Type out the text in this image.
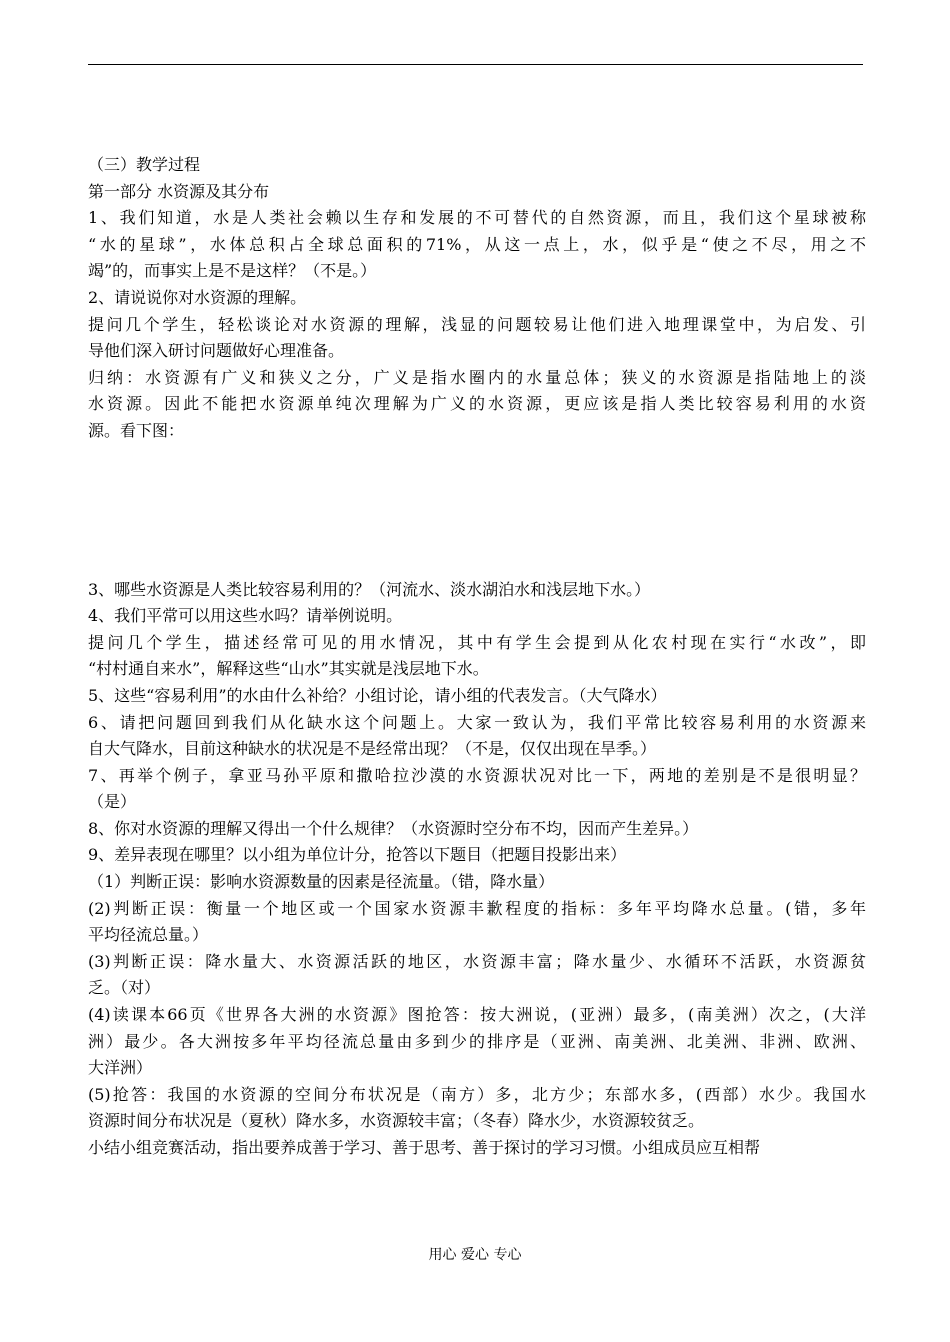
（三）教学过程
第一部分 水资源及其分布
1、我们知道，水是人类社会赖以生存和发展的不可替代的自然资源，而且，我们这个星球被称
“水的星球”，水体总积占全球总面积的71%，从这一点上，水，似乎是“使之不尽，用之不
竭”的，而事实上是不是这样？（不是。）
2、请说说你对水资源的理解。
提问几个学生，轻松谈论对水资源的理解，浅显的问题较易让他们进入地理课堂中，为启发、引
导他们深入研讨问题做好心理准备。
归纳：水资源有广义和狭义之分，广义是指水圈内的水量总体；狭义的水资源是指陆地上的淡
水资源。因此不能把水资源单纯次理解为广义的水资源，更应该是指人类比较容易利用的水资
源。看下图：
3、哪些水资源是人类比较容易利用的？（河流水、淡水湖泊水和浅层地下水。）
4、我们平常可以用这些水吗？请举例说明。
提问几个学生，描述经常可见的用水情况，其中有学生会提到从化农村现在实行“水改”，即
“村村通自来水”，解释这些“山水”其实就是浅层地下水。
5、这些“容易利用”的水由什么补给？小组讨论，请小组的代表发言。（大气降水）
6、请把问题回到我们从化缺水这个问题上。大家一致认为，我们平常比较容易利用的水资源来
自大气降水，目前这种缺水的状况是不是经常出现？（不是，仅仅出现在旱季。）
7、再举个例子，拿亚马孙平原和撒哈拉沙漠的水资源状况对比一下，两地的差别是不是很明显？
（是）
8、你对水资源的理解又得出一个什么规律？（水资源时空分布不均，因而产生差异。）
9、差异表现在哪里？以小组为单位计分，抢答以下题目（把题目投影出来）
（1）判断正误：影响水资源数量的因素是径流量。（错，降水量）
(2)判断正误：衡量一个地区或一个国家水资源丰歉程度的指标：多年平均降水总量。(错，多年
平均径流总量。）
(3)判断正误：降水量大、水资源活跃的地区，水资源丰富；降水量少、水循环不活跃，水资源贫
乏。（对）
(4)读课本66页《世界各大洲的水资源》图抢答：按大洲说，(亚洲）最多，(南美洲）次之，(大洋
洲）最少。各大洲按多年平均径流总量由多到少的排序是（亚洲、南美洲、北美洲、非洲、欧洲、
大洋洲）
(5)抢答：我国的水资源的空间分布状况是（南方）多，北方少；东部水多，(西部）水少。我国水
资源时间分布状况是（夏秋）降水多，水资源较丰富；（冬春）降水少，水资源较贫乏。
小结小组竞赛活动，指出要养成善于学习、善于思考、善于探讨的学习习惯。小组成员应互相帮
用心 爱心 专心
